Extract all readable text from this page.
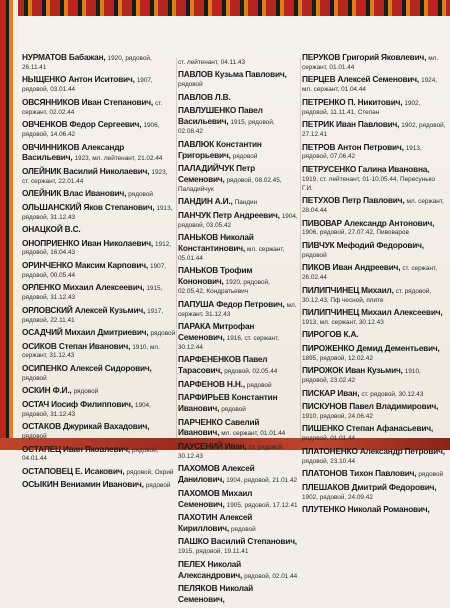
НУРМАТОВ Бабажан, 1920, рядовой, 26.11.41
НЫЩЕНКО Антон Иситович, 1907, рядовой, 03.01.44
ОВСЯННИКОВ Иван Степанович, ст. сержант, 02.02.44
ОВЧЕНКОВ Федор Сергеевич, 1906, рядовой, 14.06.42
ОВЧИННИКОВ Александр Васильевич, 1923, мл. лейтенант, 21.02.44
ОЛЕЙНИК Василий Николаевич, 1923, ст. сержант, 22.01.44
ОЛЕЙНИК Влас Иванович, рядовой
ОЛЬШАНСКИЙ Яков Степанович, 1913, рядовой, 31.12.43
ОНАЦКОЙ В.С.
ОНОПРИЕНКО Иван Николаевич, 1912, рядовой, 16.04.43
ОРИНЧЕНКО Максим Карпович, 1907, рядовой, 00.05.44
ОРЛЕНКО Михаил Алексеевич, 1915, рядовой, 31.12.43
ОРЛОВСКИЙ Алексей Кузьмич, 1917, рядовой, 22.11.41
ОСАДЧИЙ Михаил Дмитриевич, рядовой
ОСИКОВ Степан Иванович, 1910, мл. сержант, 31.12.43
ОСИПЕНКО Алексей Сидорович, рядовой
ОСКИН Ф.И., рядовой
ОСТАЧ Иосиф Филиппович, 1904, рядовой, 31.12.43
ОСТАКОВ Джурикай Вахадович, рядовой
ОСТАПЕЦ Иван Яковлевич, рядовой, 04.01.44
ОСТАПОВЕЦ Е. Исакович, рядовой, Охрий
ОСЫКИН Вениамин Иванович, рядовой
ст. лейтенант, 04.11.43
ПАВЛОВ Кузьма Павлович, рядовой
ПАВЛОВ Л.В.
ПАВЛУШЕНКО Павел Васильевич, 1915, рядовой, 02.08.42
ПАВЛЮК Константин Григорьевич, рядовой
ПАЛАДИЙЧУК Петр Семенович, рядовой, 08.02.45, Паладийчук
ПАНДИН А.И., Пандин
ПАНЧУК Петр Андреевич, 1904, рядовой, 03.05.42
ПАНЬКОВ Николай Константинович, мл. сержант, 05.01.44
ПАНЬКОВ Трофим Кононович, 1920, рядовой, 02.05.42, Кондратьевич
ПАПУША Федор Петрович, мл. сержант, 31.12.43
ПАРАКА Митрофан Семенович, 1916, ст. сержант, 30.12.44
ПАРФЕНЕНКОВ Павел Тарасович, рядовой, 02.05.44
ПАРФЕНОВ Н.Н., рядовой
ПАРФИРЬЕВ Константин Иванович, рядовой
ПАРЧЕНКО Савелий Иванович, мл. сержант, 01.01.44
ПАУСЕНИЙ Иван, ст. рядовой, 30.12.43
ПАХОМОВ Алексей Данилович, 1904, рядовой, 21.01.42
ПАХОМОВ Михаил Семенович, 1905, рядовой, 17.12.41
ПАХОТИН Алексей Кириллович, рядовой
ПАШКО Василий Степанович, 1915, рядовой, 19.11.41
ПЕЛЕХ Николай Александрович, рядовой, 02.01.44
ПЕЛЯКОВ Николай Семенович,
ПЕРУКОВ Григорий Яковлевич, мл. сержант, 01.01.44
ПЕРЦЕВ Алексей Семенович, 1924, мл. сержант, 01.04.44
ПЕТРЕНКО П. Никитович, 1902, рядовой, 11.11.41, Степан
ПЕТРИК Иван Павлович, 1902, рядовой, 27.12.41
ПЕТРОВ Антон Петрович, 1913, рядовой, 07.06.42
ПЕТРУСЕНКО Галина Ивановна, 1919, ст. лейтенант, 01-10.05.44, Пересунько Г.И.
ПЕТУХОВ Петр Павлович, мл. сержант, 28.04.44
ПИВОВАР Александр Антонович, 1906, рядовой, 27.07.42, Пивоваров
ПИВЧУК Мефодий Федорович, рядовой
ПИКОВ Иван Андреевич, ст. сержант, 26.02.44
ПИЛИПЧИНЕЦ Михаил, ст. рядовой, 30.12.43, Пф чесной, плите
ПИЛИПЧИНЕЦ Михаил Алексеевич, 1913, мл. сержант, 30.12.43
ПИРОГОВ К.А.
ПИРОЖЕНКО Демид Дементьевич, 1895, рядовой, 12.02.42
ПИРОЖОК Иван Кузьмич, 1910, рядовой, 23.02.42
ПИСКАР Иван, ст. рядовой, 30.12.43
ПИСКУНОВ Павел Владимирович, 1910, рядовой, 24.06.42
ПИШЕНКО Степан Афанасьевич, рядовой, 01.01.44
ПЛАТОНЕНКО Александр Петрович, рядовой, 23.10.44
ПЛАТОНОВ Тихон Павлович, рядовой
ПЛЕШАКОВ Дмитрий Федорович, 1902, рядовой, 24.09.42
ПЛУТЕНКО Николай Романович,
